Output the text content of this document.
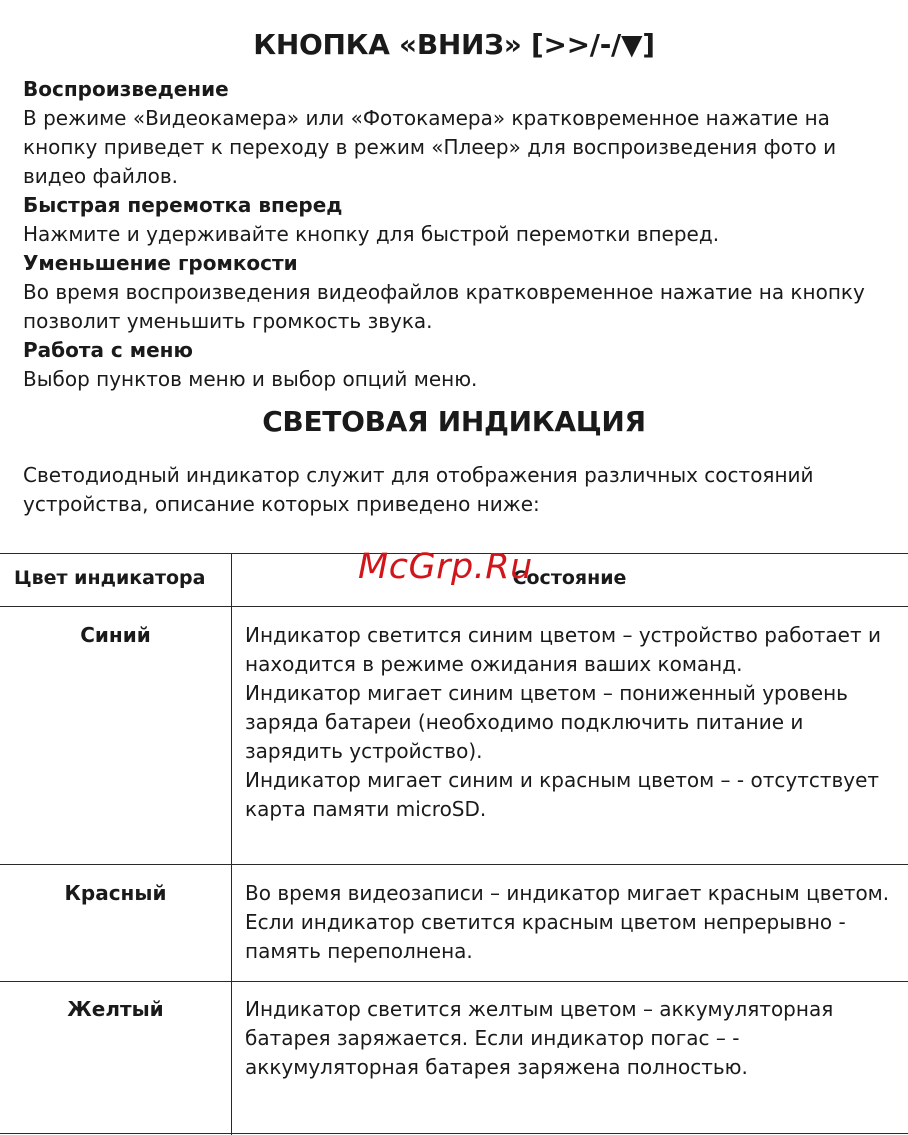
КНОПКА «ВНИЗ» [>>/-/▼]
Воспроизведение
В режиме «Видеокамера» или «Фотокамера» кратковременное нажатие на кнопку приведет к переходу в режим «Плеер» для воспроизведения фото и видео файлов.
Быстрая перемотка вперед
Нажмите и удерживайте кнопку для быстрой перемотки вперед.
Уменьшение громкости
Во время воспроизведения видеофайлов кратковременное нажатие на кнопку позволит уменьшить громкость звука.
Работа с меню
Выбор пунктов меню и выбор опций меню.
СВЕТОВАЯ ИНДИКАЦИЯ
Светодиодный индикатор служит для отображения различных состояний устройства, описание которых приведено ниже:
Цвет индикатора	Состояние
Синий	Индикатор светится синим цветом – устройство работает и находится в режиме ожидания ваших команд.

Индикатор мигает синим цветом – пониженный уровень заряда батареи (необходимо подключить питание и зарядить устройство).

Индикатор мигает синим и красным цветом – - отсутствует карта памяти microSD.

Красный	Во время видеозаписи – индикатор мигает красным цветом. Если индикатор светится красным цветом непрерывно - память переполнена.

Желтый	Индикатор светится желтым цветом – аккумуляторная батарея заряжается. Если индикатор погас – - аккумуляторная батарея заряжена полностью.

McGrp.Ru
